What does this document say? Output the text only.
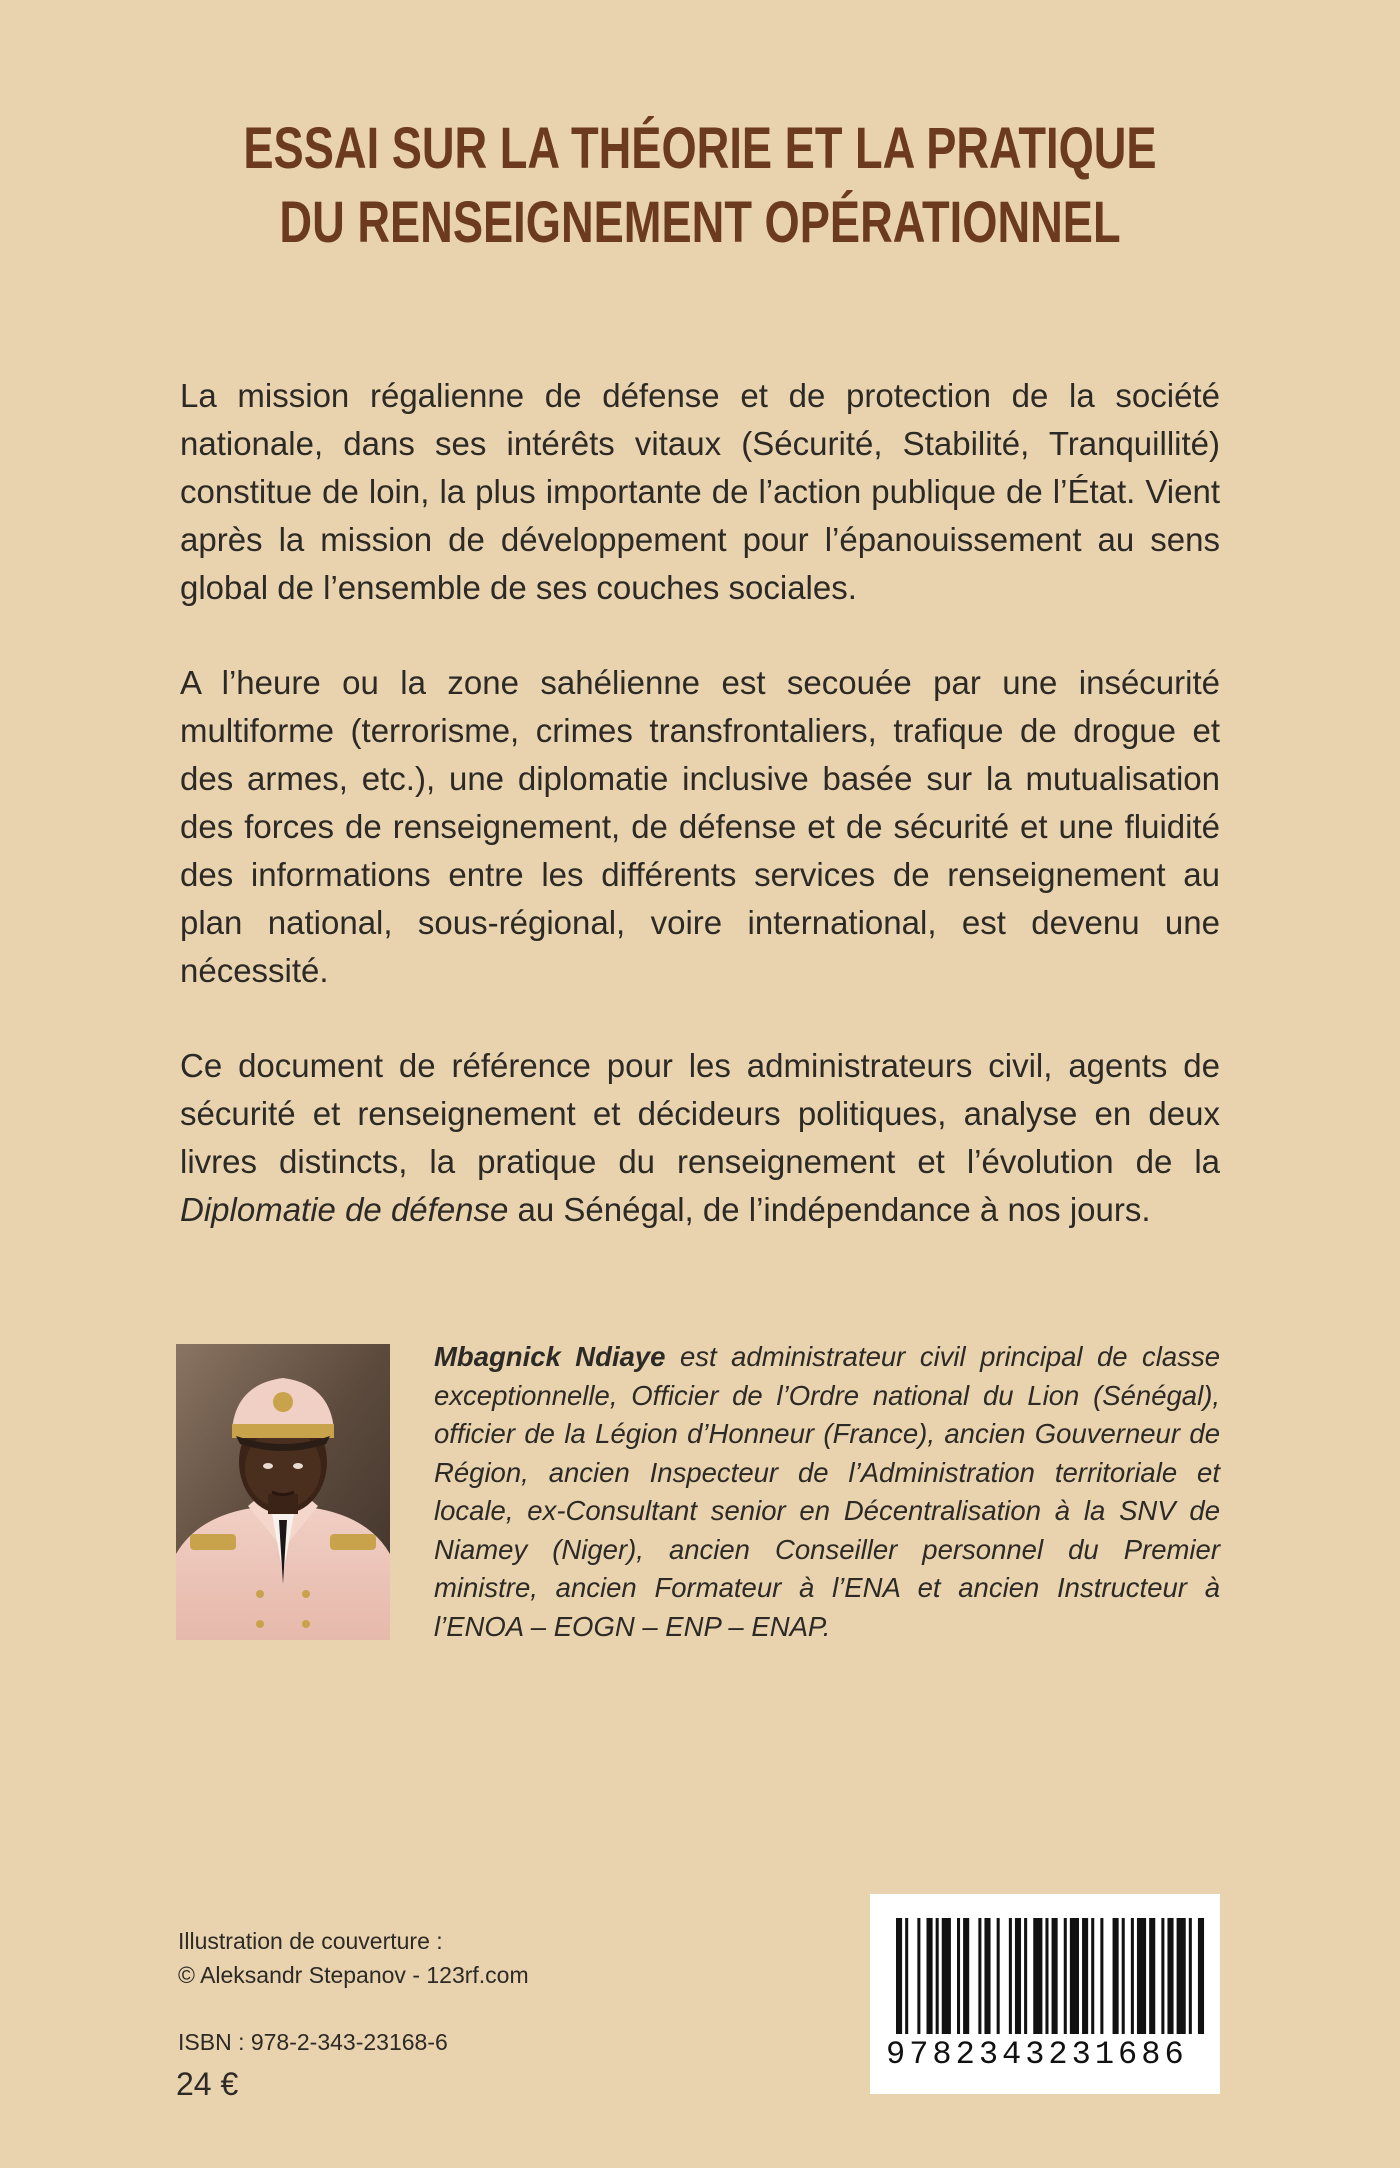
ESSAI SUR LA THÉORIE ET LA PRATIQUE
DU RENSEIGNEMENT OPÉRATIONNEL

La mission régalienne de défense et de protection de la société nationale, dans ses intérêts vitaux (Sécurité, Stabilité, Tranquillité) constitue de loin, la plus importante de l’action publique de l’État. Vient après la mission de développement pour l’épanouissement au sens global de l’ensemble de ses couches sociales.

A l’heure ou la zone sahélienne est secouée par une insécurité multiforme (terrorisme, crimes transfrontaliers, trafique de drogue et des armes, etc.), une diplomatie inclusive basée sur la mutualisation des forces de renseignement, de défense et de sécurité et une fluidité des informations entre les différents services de renseignement au plan national, sous-régional, voire international, est devenu une nécessité.

Ce document de référence pour les administrateurs civil, agents de sécurité et renseignement et décideurs politiques, analyse en deux livres distincts, la pratique du renseignement et l’évolution de la Diplomatie de défense au Sénégal, de l’indépendance à nos jours.

Mbagnick Ndiaye est administrateur civil principal de classe exceptionnelle, Officier de l’Ordre national du Lion (Sénégal), officier de la Légion d’Honneur (France), ancien Gouverneur de Région, ancien Inspecteur de l’Administration territoriale et locale, ex-Consultant senior en Décentralisation à la SNV de Niamey (Niger), ancien Conseiller personnel du Premier ministre, ancien Formateur à l’ENA et ancien Instructeur à l’ENOA – EOGN – ENP – ENAP.
Illustration de couverture :
© Aleksandr Stepanov - 123rf.com
ISBN : 978-2-343-23168-6
24 €
9782343231686
